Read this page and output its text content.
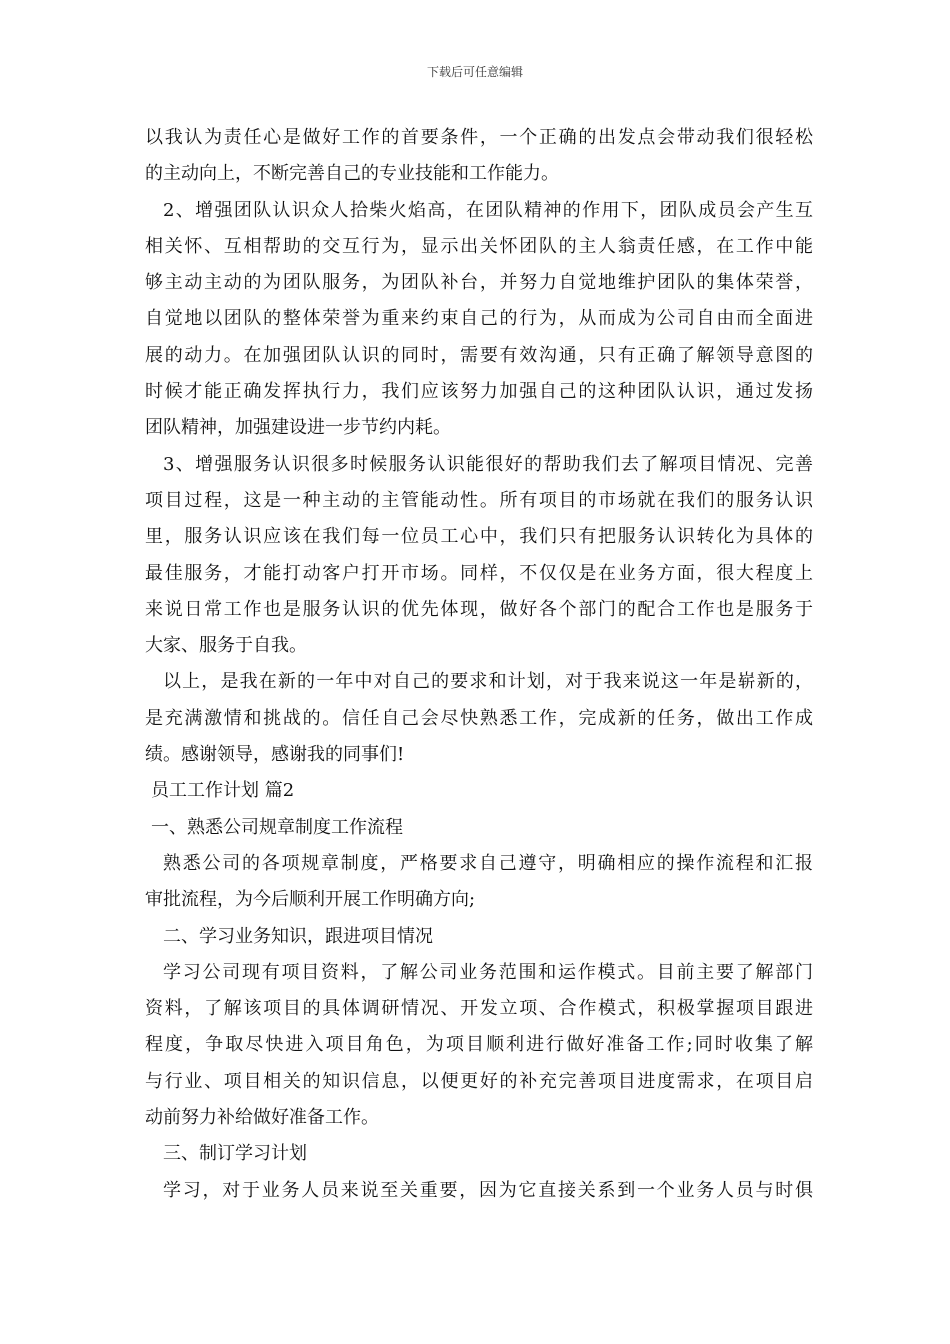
下载后可任意编辑
以我认为责任心是做好工作的首要条件，一个正确的出发点会带动我们很轻松
的主动向上，不断完善自己的专业技能和工作能力。
2、增强团队认识众人拾柴火焰高，在团队精神的作用下，团队成员会产生互
相关怀、互相帮助的交互行为，显示出关怀团队的主人翁责任感，在工作中能
够主动主动的为团队服务，为团队补台，并努力自觉地维护团队的集体荣誉，
自觉地以团队的整体荣誉为重来约束自己的行为，从而成为公司自由而全面进
展的动力。在加强团队认识的同时，需要有效沟通，只有正确了解领导意图的
时候才能正确发挥执行力，我们应该努力加强自己的这种团队认识，通过发扬
团队精神，加强建设进一步节约内耗。
3、增强服务认识很多时候服务认识能很好的帮助我们去了解项目情况、完善
项目过程，这是一种主动的主管能动性。所有项目的市场就在我们的服务认识
里，服务认识应该在我们每一位员工心中，我们只有把服务认识转化为具体的
最佳服务，才能打动客户打开市场。同样，不仅仅是在业务方面，很大程度上
来说日常工作也是服务认识的优先体现，做好各个部门的配合工作也是服务于
大家、服务于自我。
以上，是我在新的一年中对自己的要求和计划，对于我来说这一年是崭新的，
是充满激情和挑战的。信任自己会尽快熟悉工作，完成新的任务，做出工作成
绩。感谢领导，感谢我的同事们!
员工工作计划 篇2
一、熟悉公司规章制度工作流程
熟悉公司的各项规章制度，严格要求自己遵守，明确相应的操作流程和汇报
审批流程，为今后顺利开展工作明确方向;
二、学习业务知识，跟进项目情况
学习公司现有项目资料，了解公司业务范围和运作模式。目前主要了解部门
资料，了解该项目的具体调研情况、开发立项、合作模式，积极掌握项目跟进
程度，争取尽快进入项目角色，为项目顺利进行做好准备工作;同时收集了解
与行业、项目相关的知识信息，以便更好的补充完善项目进度需求，在项目启
动前努力补给做好准备工作。
三、制订学习计划
学习，对于业务人员来说至关重要，因为它直接关系到一个业务人员与时俱
